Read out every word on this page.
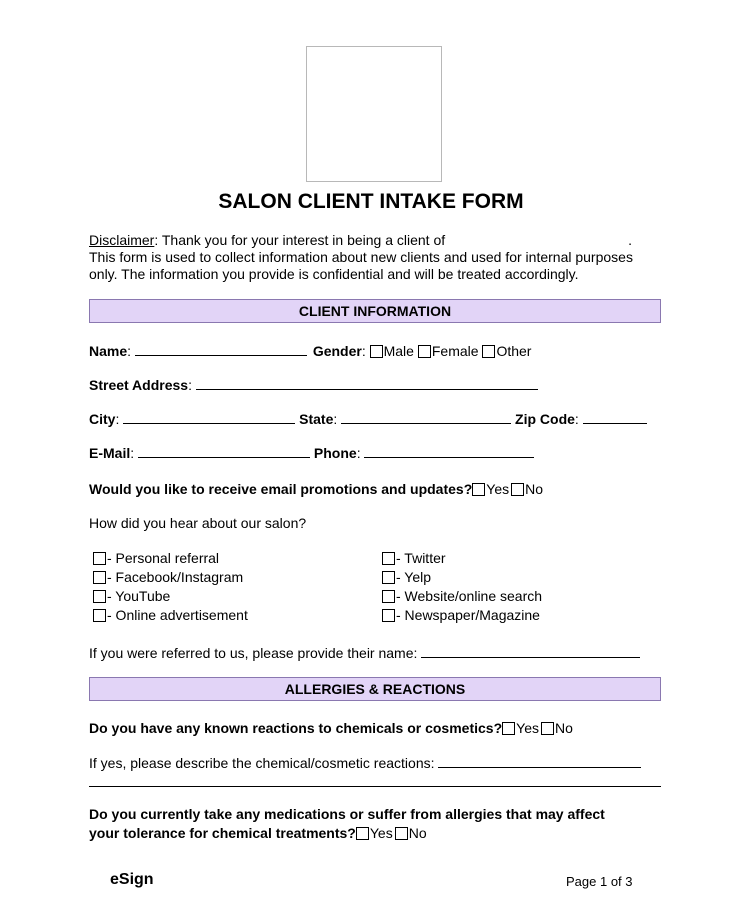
SALON CLIENT INTAKE FORM
Disclaimer: Thank you for your interest in being a client of	.
This form is used to collect information about new clients and used for internal purposes
only. The information you provide is confidential and will be treated accordingly.
CLIENT INFORMATION
Name:	Gender: Male Female Other
Street Address:
City:	State:	Zip Code:
E-Mail:	Phone:
Would you like to receive email promotions and updates? Yes No
How did you hear about our salon?
- Personal referral
- Facebook/Instagram
- YouTube
- Online advertisement
- Twitter
- Yelp
- Website/online search
- Newspaper/Magazine
If you were referred to us, please provide their name:
ALLERGIES & REACTIONS
Do you have any known reactions to chemicals or cosmetics? Yes No
If yes, please describe the chemical/cosmetic reactions:
Do you currently take any medications or suffer from allergies that may affect
your tolerance for chemical treatments? Yes No
eSign	Page 1 of 3
